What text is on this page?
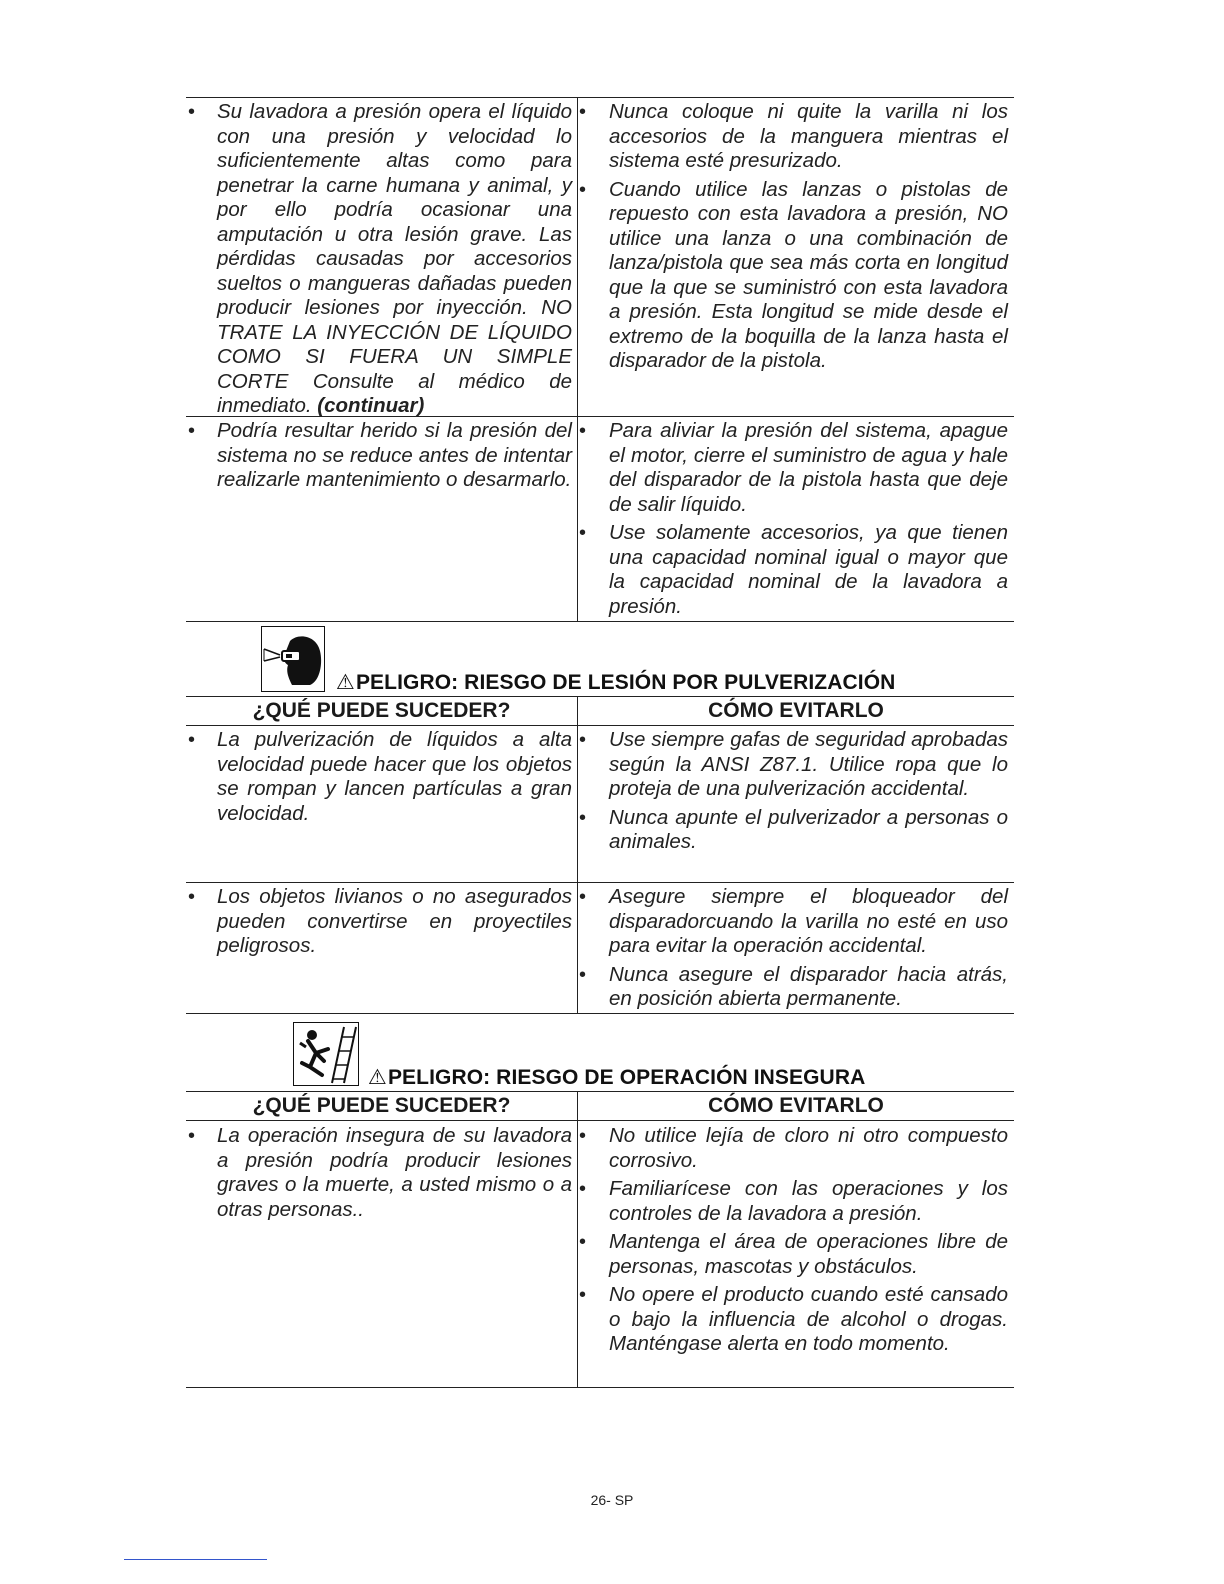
• Su lavadora a presión opera el líquido con una presión y velocidad lo suficientemente altas como para penetrar la carne humana y animal, y por ello podría ocasionar una amputación u otra lesión grave. Las pérdidas causadas por accesorios sueltos o mangueras dañadas pueden producir lesiones por inyección. NO TRATE LA INYECCIÓN DE LÍQUIDO COMO SI FUERA UN SIMPLE CORTE Consulte al médico de inmediato. (continuar)
• Nunca coloque ni quite la varilla ni los accesorios de la manguera mientras el sistema esté presurizado.
• Cuando utilice las lanzas o pistolas de repuesto con esta lavadora a presión, NO utilice una lanza o una combinación de lanza/pistola que sea más corta en longitud que la que se suministró con esta lavadora a presión. Esta longitud se mide desde el extremo de la boquilla de la lanza hasta el disparador de la pistola.
• Podría resultar herido si la presión del sistema no se reduce antes de intentar realizarle mantenimiento o desarmarlo.
• Para aliviar la presión del sistema, apague el motor, cierre el suministro de agua y hale del disparador de la pistola hasta que deje de salir líquido.
• Use solamente accesorios, ya que tienen una capacidad nominal igual o mayor que la capacidad nominal de la lavadora a presión.
⚠PELIGRO: RIESGO DE LESIÓN POR PULVERIZACIÓN
¿QUÉ PUEDE SUCEDER?	CÓMO EVITARLO
• La pulverización de líquidos a alta velocidad puede hacer que los objetos se rompan y lancen partículas a gran velocidad.
• Use siempre gafas de seguridad aprobadas según la ANSI Z87.1. Utilice ropa que lo proteja de una pulverización accidental.
• Nunca apunte el pulverizador a personas o animales.
• Los objetos livianos o no asegurados pueden convertirse en proyectiles peligrosos.
• Asegure siempre el bloqueador del disparadorcuando la varilla no esté en uso para evitar la operación accidental.
• Nunca asegure el disparador hacia atrás, en posición abierta permanente.
⚠PELIGRO: RIESGO DE OPERACIÓN INSEGURA
¿QUÉ PUEDE SUCEDER?	CÓMO EVITARLO
• La operación insegura de su lavadora a presión podría producir lesiones graves o la muerte, a usted mismo o a otras personas..
• No utilice lejía de cloro ni otro compuesto corrosivo.
• Familiarícese con las operaciones y los controles de la lavadora a presión.
• Mantenga el área de operaciones libre de personas, mascotas y obstáculos.
• No opere el producto cuando esté cansado o bajo la influencia de alcohol o drogas. Manténgase alerta en todo momento.
26- SP
